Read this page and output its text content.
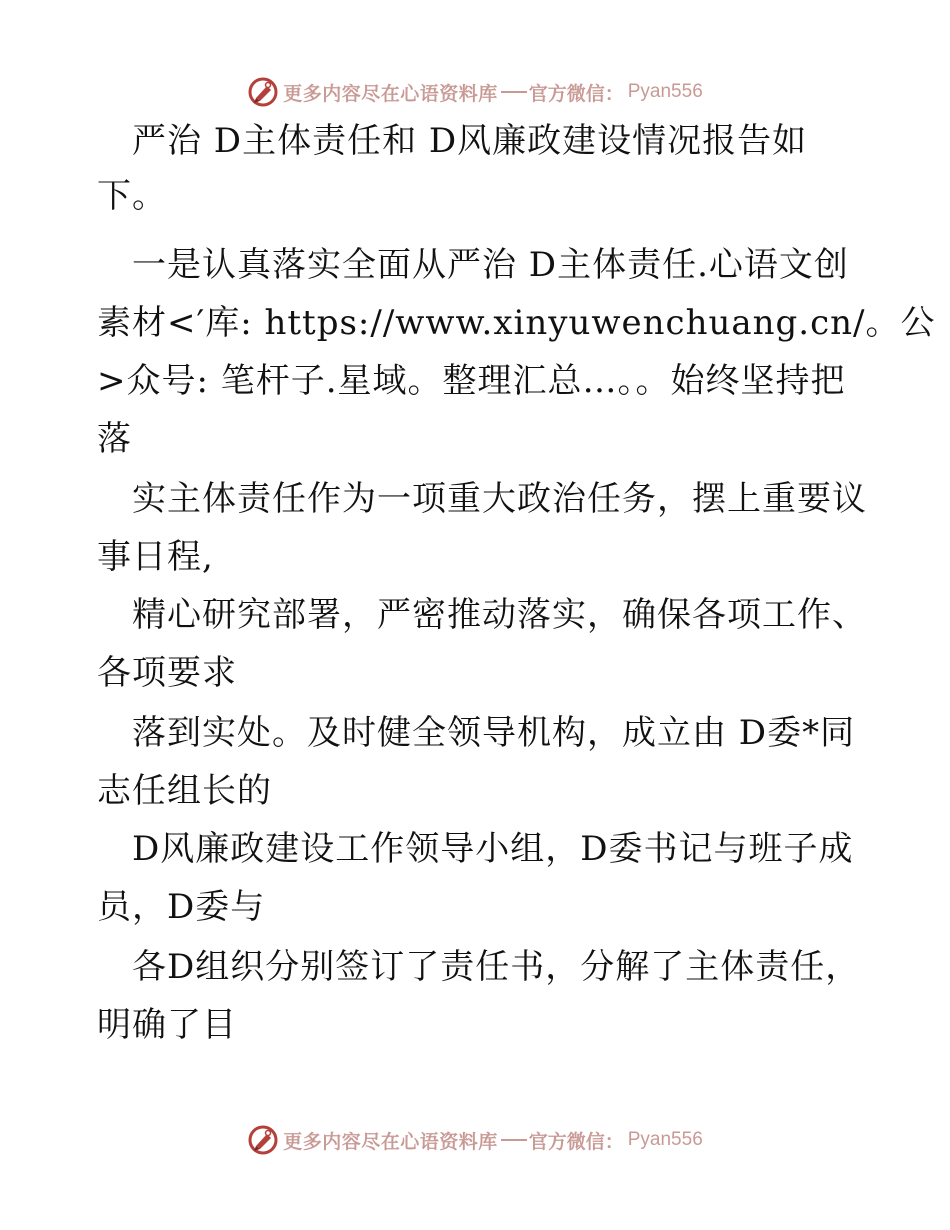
更多内容尽在心语资料库 官方微信： Pyan556
　严治 D主体责任和 D风廉政建设情况报告如
下。
　一是认真落实全面从严治 D主体责任.心语文创
素材<′库: https://www.xinyuwenchuang.cn/。公
>众号: 笔杆子.星域。整理汇总…。。始终坚持把
落
　实主体责任作为一项重大政治任务，摆上重要议
事日程,
　精心研究部署，严密推动落实，确保各项工作、
各项要求
　落到实处。及时健全领导机构，成立由 D委*同
志任组长的
　D风廉政建设工作领导小组，D委书记与班子成
员，D委与
　各D组织分别签订了责任书，分解了主体责任，
明确了目
更多内容尽在心语资料库 官方微信： Pyan556
